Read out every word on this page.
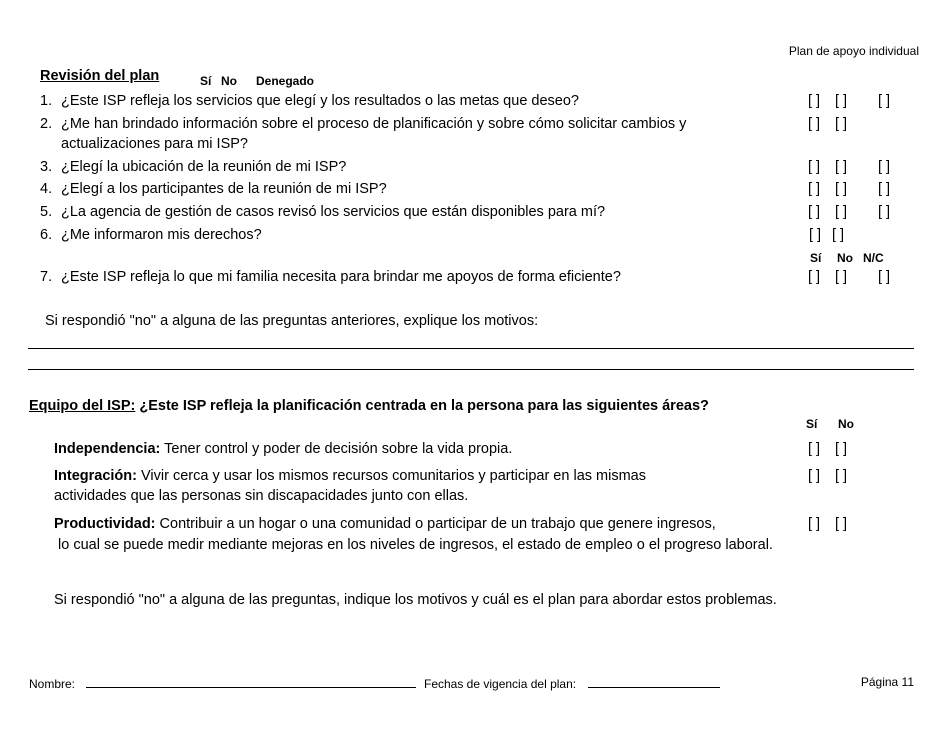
Plan de apoyo individual
Revisión del plan	Sí No Denegado
1. ¿Este ISP refleja los servicios que elegí y los resultados o las metas que deseo?	[ ] [ ] [ ]
2. ¿Me han brindado información sobre el proceso de planificación y sobre cómo solicitar cambios y
actualizaciones para mi ISP?
[ ] [ ]
3. ¿Elegí la ubicación de la reunión de mi ISP?	[ ] [ ] [ ]
4. ¿Elegí a los participantes de la reunión de mi ISP?	[ ] [ ] [ ]
5. ¿La agencia de gestión de casos revisó los servicios que están disponibles para mí?	[ ] [ ] [ ]
6. ¿Me informaron mis derechos?	[ ] [ ]
Sí No N/C
7. ¿Este ISP refleja lo que mi familia necesita para brindar me apoyos de forma eficiente?	[ ] [ ] [ ]
Si respondió "no" a alguna de las preguntas anteriores, explique los motivos:
Equipo del ISP: ¿Este ISP refleja la planificación centrada en la persona para las siguientes áreas?
Sí No
Independencia: Tener control y poder de decisión sobre la vida propia.	[ ] [ ]
Integración: Vivir cerca y usar los mismos recursos comunitarios y participar en las mismas
actividades que las personas sin discapacidades junto con ellas.
[ ] [ ]
Productividad: Contribuir a un hogar o una comunidad o participar de un trabajo que genere ingresos,
lo cual se puede medir mediante mejoras en los niveles de ingresos, el estado de empleo o el progreso laboral.
[ ] [ ]
Si respondió "no" a alguna de las preguntas, indique los motivos y cuál es el plan para abordar estos problemas.
Nombre:	Fechas de vigencia del plan:	Página 11
